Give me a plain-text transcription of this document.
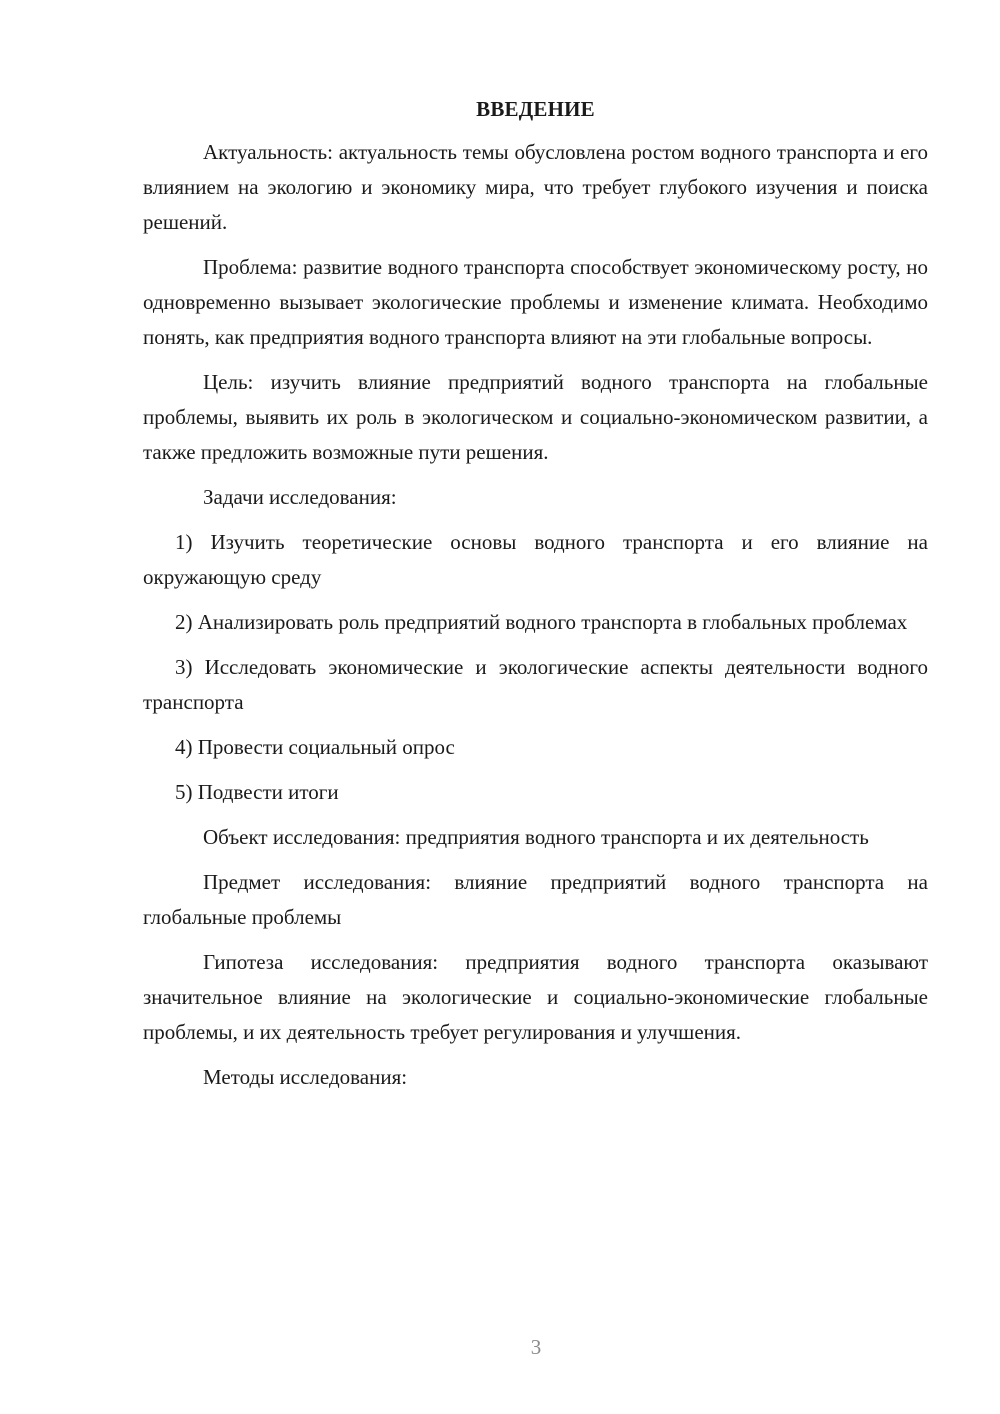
ВВЕДЕНИЕ

Актуальность: актуальность темы обусловлена ростом водного транспорта и его влиянием на экологию и экономику мира, что требует глубокого изучения и поиска решений.

Проблема: развитие водного транспорта способствует экономическому росту, но одновременно вызывает экологические проблемы и изменение климата. Необходимо понять, как предприятия водного транспорта влияют на эти глобальные вопросы.

Цель: изучить влияние предприятий водного транспорта на глобальные проблемы, выявить их роль в экологическом и социально-экономическом развитии, а также предложить возможные пути решения.

Задачи исследования:

1) Изучить теоретические основы водного транспорта и его влияние на окружающую среду

2) Анализировать роль предприятий водного транспорта в глобальных проблемах

3) Исследовать экономические и экологические аспекты деятельности водного транспорта

4) Провести социальный опрос

5) Подвести итоги

Объект исследования: предприятия водного транспорта и их деятельность

Предмет исследования: влияние предприятий водного транспорта на глобальные проблемы

Гипотеза исследования: предприятия водного транспорта оказывают значительное влияние на экологические и социально-экономические глобальные проблемы, и их деятельность требует регулирования и улучшения.

Методы исследования:

3
